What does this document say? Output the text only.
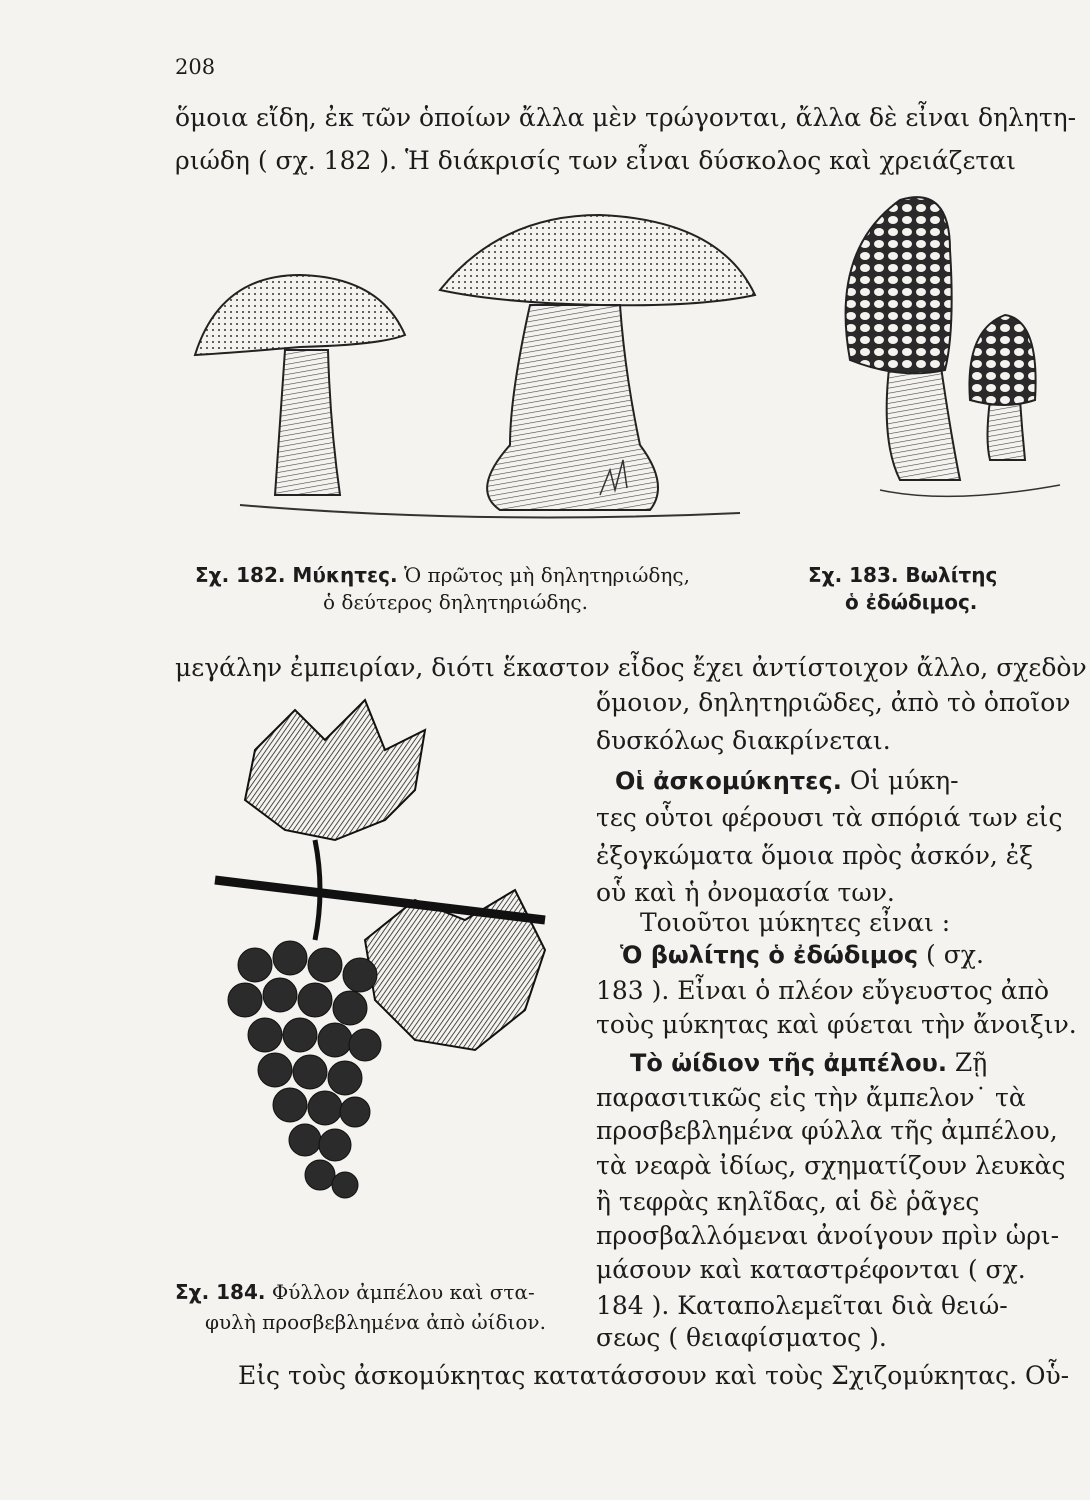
208
ὅμοια εἴδη, ἐκ τῶν ὁποίων ἄλλα μὲν τρώγονται, ἄλλα δὲ εἶναι δηλητη-
ριώδη ( σχ. 182 ). Ἡ διάκρισίς των εἶναι δύσκολος καὶ χρειάζεται
Σχ. 182. Μύκητες. Ὁ πρῶτος μὴ δηλητηριώδης,
ὁ δεύτερος δηλητηριώδης.
Σχ. 183. Βωλίτης
ὁ ἐδώδιμος.
μεγάλην ἐμπειρίαν, διότι ἕκαστον εἶδος ἔχει ἀντίστοιχον ἄλλο, σχεδὸν
ὅμοιον, δηλητηριῶδες, ἀπὸ τὸ ὁποῖον
δυσκόλως διακρίνεται.
Οἱ ἀσκομύκητες. Οἱ μύκη-
τες οὗτοι φέρουσι τὰ σπόριά των εἰς
ἐξογκώματα ὅμοια πρὸς ἀσκόν, ἐξ
οὗ καὶ ἡ ὀνομασία των.
Τοιοῦτοι μύκητες εἶναι :
Ὁ βωλίτης ὁ ἐδώδιμος ( σχ.
183 ). Εἶναι ὁ πλέον εὔγευστος ἀπὸ
τοὺς μύκητας καὶ φύεται τὴν ἄνοιξιν.
Τὸ ὠίδιον τῆς ἀμπέλου. Ζῇ
παρασιτικῶς εἰς τὴν ἄμπελον˙ τὰ
προσβεβλημένα φύλλα τῆς ἀμπέλου,
τὰ νεαρὰ ἰδίως, σχηματίζουν λευκὰς
ἢ τεφρὰς κηλῖδας, αἱ δὲ ῥᾶγες
προσβαλλόμεναι ἀνοίγουν πρὶν ὡρι-
μάσουν καὶ καταστρέφονται ( σχ.
184 ). Καταπολεμεῖται διὰ θειώ-
σεως ( θειαφίσματος ).
Σχ. 184. Φύλλον ἀμπέλου καὶ στα-
φυλὴ προσβεβλημένα ἀπὸ ὠίδιον.
Εἰς τοὺς ἀσκομύκητας κατατάσσουν καὶ τοὺς Σχιζομύκητας. Οὗ-
